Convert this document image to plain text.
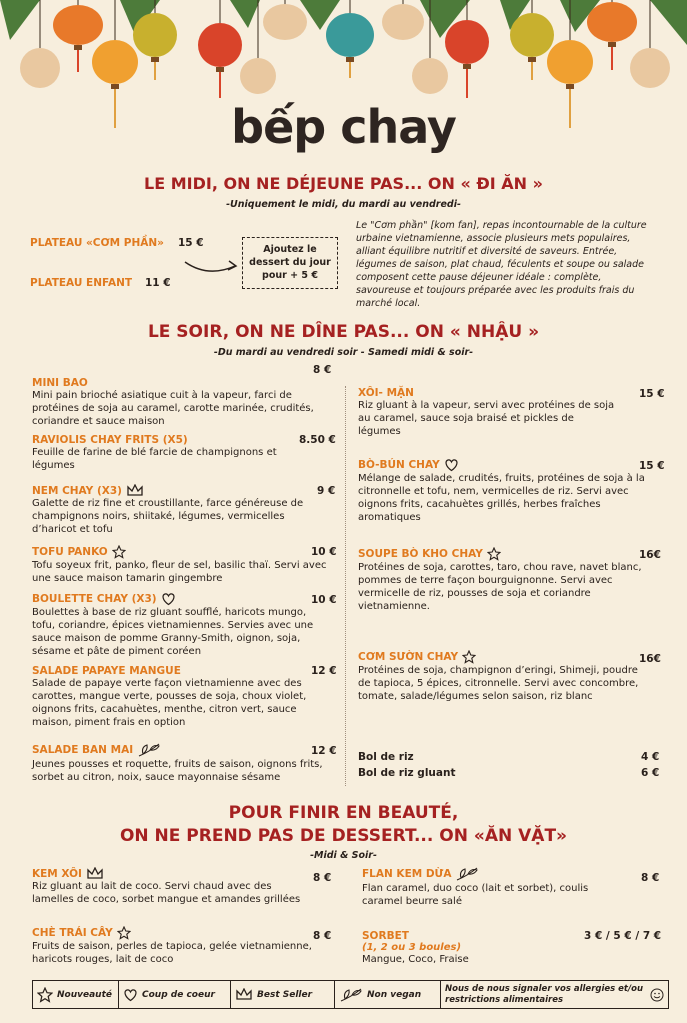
bếp chay
LE MIDI, ON NE DÉJEUNE PAS... ON « ĐI ĂN »
-Uniquement le midi, du mardi au vendredi-
PLATEAU «CƠM PHẦN» 15 €
PLATEAU ENFANT 11 €
Ajoutez le dessert du jour pour + 5 €
Le "Cơm phần" [kom fan], repas incontournable de la culture urbaine vietnamienne, associe plusieurs mets populaires, alliant équilibre nutritif et diversité de saveurs. Entrée, légumes de saison, plat chaud, féculents et soupe ou salade composent cette pause déjeuner idéale : complète, savoureuse et toujours préparée avec les produits frais du marché local.
LE SOIR, ON NE DÎNE PAS... ON « NHẬU »
-Du mardi au vendredi soir - Samedi midi & soir-
8 €
MINI BAO
Mini pain brioché asiatique cuit à la vapeur, farci de protéines de soja au caramel, carotte marinée, crudités, coriandre et sauce maison
RAVIOLIS CHAY FRITS (X5)
Feuille de farine de blé farcie de champignons et légumes
8.50 €
NEM CHAY (X3)
Galette de riz fine et croustillante, farce généreuse de champignons noirs, shiitaké, légumes, vermicelles d’haricot et tofu
9 €
TOFU PANKO
Tofu soyeux frit, panko, fleur de sel, basilic thaï. Servi avec une sauce maison tamarin gingembre
10 €
BOULETTE CHAY (X3)
Boulettes à base de riz gluant soufflé, haricots mungo, tofu, coriandre, épices vietnamiennes. Servies avec une sauce maison de pomme Granny-Smith, oignon, soja, sésame et pâte de piment coréen
10 €
SALADE PAPAYE MANGUE
Salade de papaye verte façon vietnamienne avec des carottes, mangue verte, pousses de soja, choux violet, oignons frits, cacahuètes, menthe, citron vert, sauce maison, piment frais en option
12 €
SALADE BAN MAI
Jeunes pousses et roquette, fruits de saison, oignons frits, sorbet au citron, noix, sauce mayonnaise sésame
12 €
XÔI- MẶN
Riz gluant à la vapeur, servi avec protéines de soja au caramel, sauce soja braisé et pickles de légumes
15 €
BÒ-BÚN CHAY
Mélange de salade, crudités, fruits, protéines de soja à la citronnelle et tofu, nem, vermicelles de riz. Servi avec oignons frits, cacahuètes grillés, herbes fraîches aromatiques
15 €
SOUPE BÒ KHO CHAY
Protéines de soja, carottes, taro, chou rave, navet blanc, pommes de terre façon bourguignonne. Servi avec vermicelle de riz, pousses de soja et coriandre vietnamienne.
16€
CƠM SƯỜN CHAY
Protéines de soja, champignon d’eringi, Shimeji, poudre de tapioca, 5 épices, citronnelle. Servi avec concombre, tomate, salade/légumes selon saison, riz blanc
16€
Bol de riz	4 €
Bol de riz gluant	6 €
POUR FINIR EN BEAUTÉ,
ON NE PREND PAS DE DESSERT... ON «ĂN VẶT»
-Midi & Soir-
KEM XÔI
Riz gluant au lait de coco. Servi chaud avec des lamelles de coco, sorbet mangue et amandes grillées
8 €
CHÈ TRÁI CÂY
Fruits de saison, perles de tapioca, gelée vietnamienne, haricots rouges, lait de coco
8 €
FLAN KEM DỪA
Flan caramel, duo coco (lait et sorbet), coulis caramel beurre salé
8 €
SORBET
(1, 2 ou 3 boules)
Mangue, Coco, Fraise
3 € / 5 € / 7 €
Nouveauté	Coup de coeur	Best Seller	Non vegan
Nous de nous signaler vos allergies et/ou restrictions alimentaires
